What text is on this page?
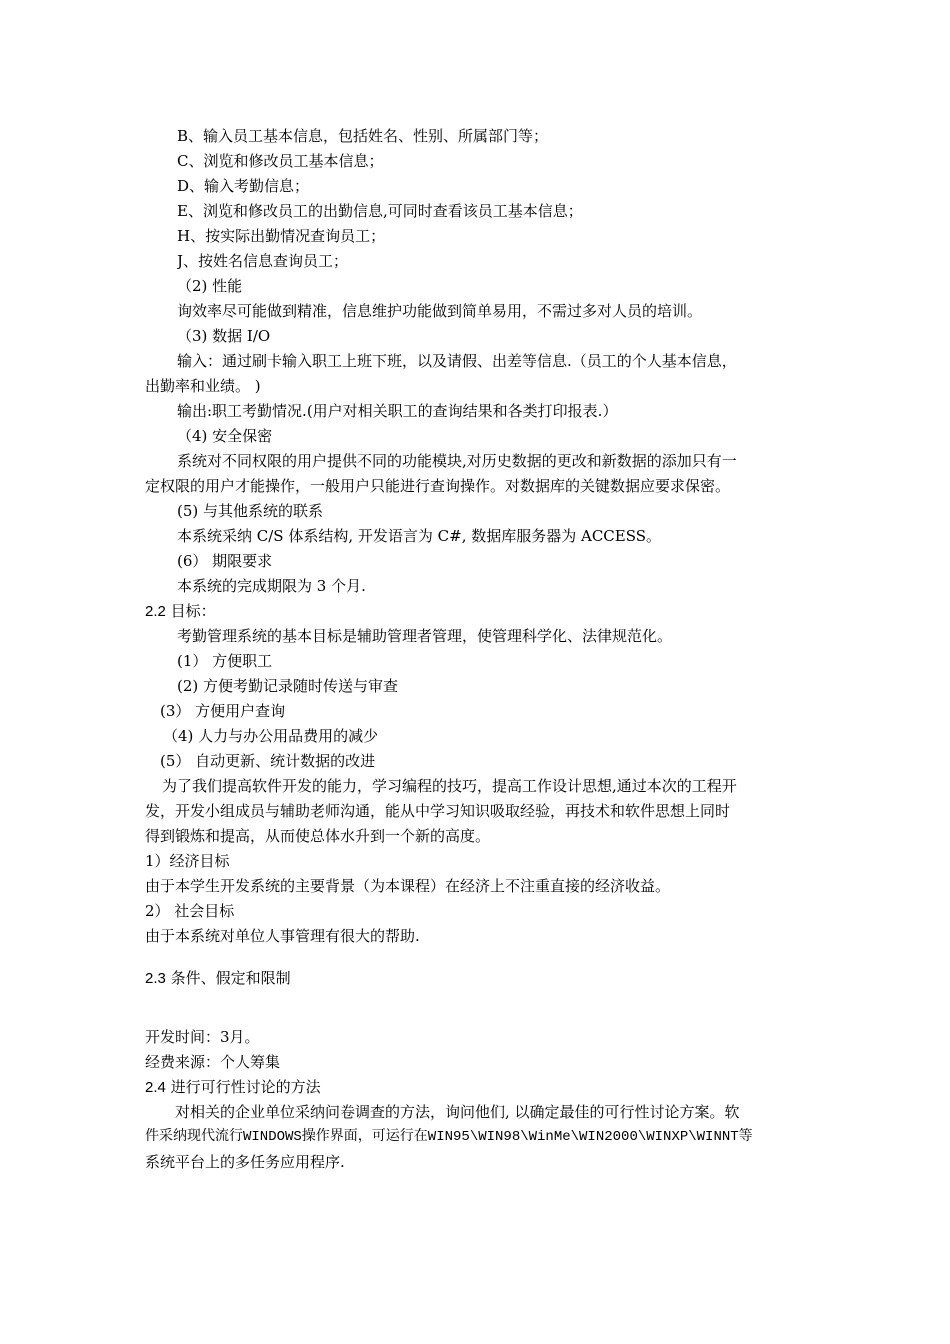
B、输入员工基本信息，包括姓名、性别、所属部门等；
C、浏览和修改员工基本信息；
D、输入考勤信息；
E、浏览和修改员工的出勤信息,可同时查看该员工基本信息；
H、按实际出勤情况查询员工；
J、按姓名信息查询员工；
（2) 性能
询效率尽可能做到精准，信息维护功能做到简单易用，不需过多对人员的培训。
（3) 数据 I/O
输入：通过刷卡输入职工上班下班，以及请假、出差等信息.（员工的个人基本信息，
出勤率和业绩。 )
输出:职工考勤情况.(用户对相关职工的查询结果和各类打印报表.）
（4) 安全保密
系统对不同权限的用户提供不同的功能模块,对历史数据的更改和新数据的添加只有一
定权限的用户才能操作，一般用户只能进行查询操作。对数据库的关键数据应要求保密。
(5) 与其他系统的联系
本系统采纳 C/S 体系结构, 开发语言为 C#, 数据库服务器为 ACCESS。
(6） 期限要求
本系统的完成期限为 3 个月.
2.2 目标：
考勤管理系统的基本目标是辅助管理者管理，使管理科学化、法律规范化。
(1） 方便职工
(2) 方便考勤记录随时传送与审查
(3） 方便用户查询
（4) 人力与办公用品费用的减少
(5） 自动更新、统计数据的改进
为了我们提高软件开发的能力，学习编程的技巧，提高工作设计思想,通过本次的工程开
发，开发小组成员与辅助老师沟通，能从中学习知识吸取经验，再技术和软件思想上同时
得到锻炼和提高，从而使总体水升到一个新的高度。
1）经济目标
由于本学生开发系统的主要背景（为本课程）在经济上不注重直接的经济收益。
2） 社会目标
由于本系统对单位人事管理有很大的帮助.
2.3 条件、假定和限制
开发时间：3月。
经费来源：个人筹集
2.4 进行可行性讨论的方法
对相关的企业单位采纳问卷调查的方法，询问他们, 以确定最佳的可行性讨论方案。软
件采纳现代流行WINDOWS操作界面，可运行在WIN95\WIN98\WinMe\WIN2000\WINXP\WINNT等
系统平台上的多任务应用程序.
